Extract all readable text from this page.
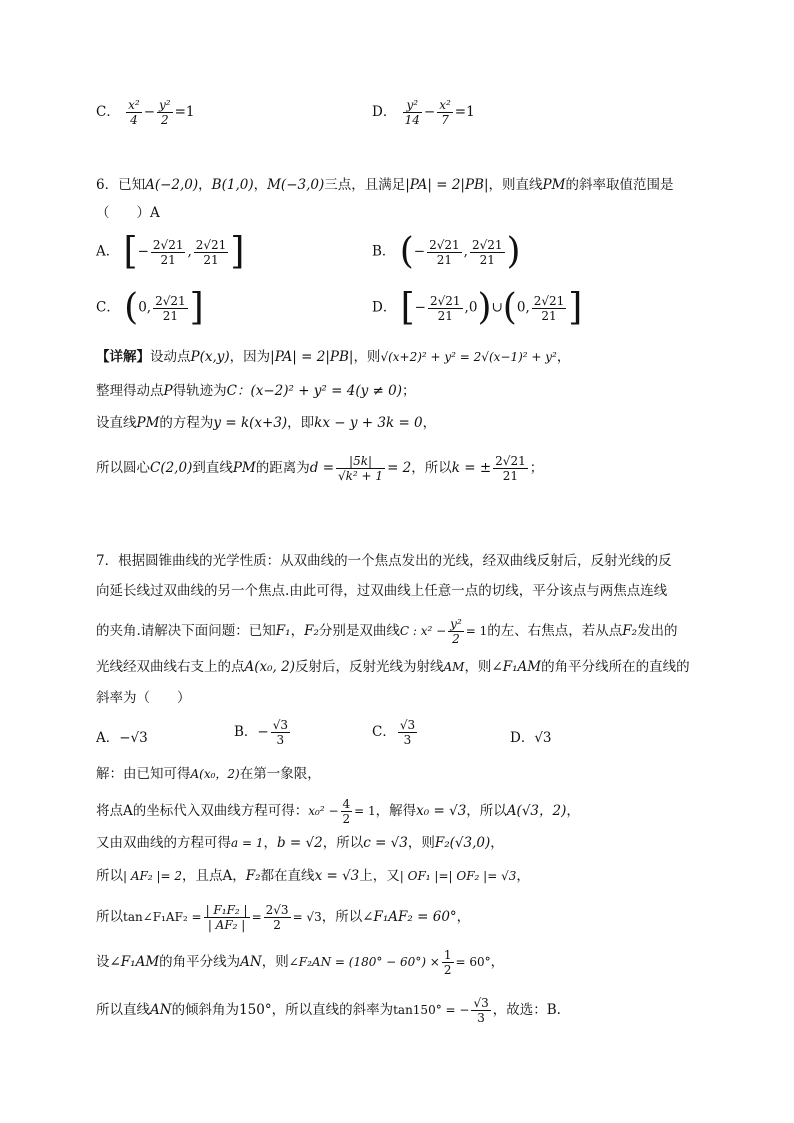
C． $\frac{\text{x²}}{4} - \frac{\text{y²}}{2} =1$	D． $\frac{\text{y²}}{14} - \frac{\text{x²}}{7} =1$
6．已知A(−2,0)，B(1,0)，M(−3,0)三点，且满足|PA| = 2|PB|，则直线PM的斜率取值范围是
（　　）A
A． [− $\frac{2√21}{21}$ , $\frac{2√21}{21}$ ]	B． (− $\frac{2√21}{21}$ , $\frac{2√21}{21}$ )
C． (0, $\frac{2√21}{21}$ ]	D． [− $\frac{2√21}{21}$ ,0)∪(0, $\frac{2√21}{21}$ ]
【详解】设动点P(x,y)，因为|PA| = 2|PB|，则√(x+2)² + y² = 2√(x−1)² + y²，
整理得动点P得轨迹为C：(x−2)² + y² = 4(y ≠ 0)；
设直线PM的方程为y = k(x+3)，即kx − y + 3k = 0，
所以圆心C(2,0)到直线PM的距离为$d = \frac{|5k|}{\text{√k² + 1}} = 2$，所以k = ± $\frac{2√21}{21}$ ；
7．根据圆锥曲线的光学性质：从双曲线的一个焦点发出的光线，经双曲线反射后，反射光线的反
向延长线过双曲线的另一个焦点.由此可得，过双曲线上任意一点的切线，平分该点与两焦点连线
的夹角.请解决下面问题：已知F₁，F₂分别是双曲线C : $x^2 - \frac{\text{y²}}{2} = 1$的左、右焦点，若从点F₂发出的
光线经双曲线右支上的点A(x₀, 2)反射后，反射光线为射线AM，则∠F₁AM的角平分线所在的直线的
斜率为（　　）
A．−√3	B．− $\frac{√3}{3}$	C． $\frac{√3}{3}$	D．√3
解：由已知可得A(x₀，2)在第一象限，
将点A的坐标代入双曲线方程可得：$x_0^2 - \frac{4}{2} = 1$，解得x₀ = √3，所以A(√3，2)，
又由双曲线的方程可得a = 1，b = √2，所以c = √3，则F₂(√3,0)，
所以| AF₂ |= 2，且点A，F₂都在直线x = √3上，又| OF₁ |=| OF₂ |= √3，
所以tan∠F₁AF₂ = $\frac{\text{| F₁F₂ |}}{\text{| AF₂ |}} = \frac{2√3}{2} = √3$，所以∠F₁AF₂ = 60°，
设∠F₁AM的角平分线为AN，则∠F₂AN = $(180^\circ - 60^\circ) \times \frac{1}{2} = 60^\circ$，
所以直线AN的倾斜角为150°，所以直线的斜率为tan150° = − $\frac{√3}{3}$ ，故选：B.
